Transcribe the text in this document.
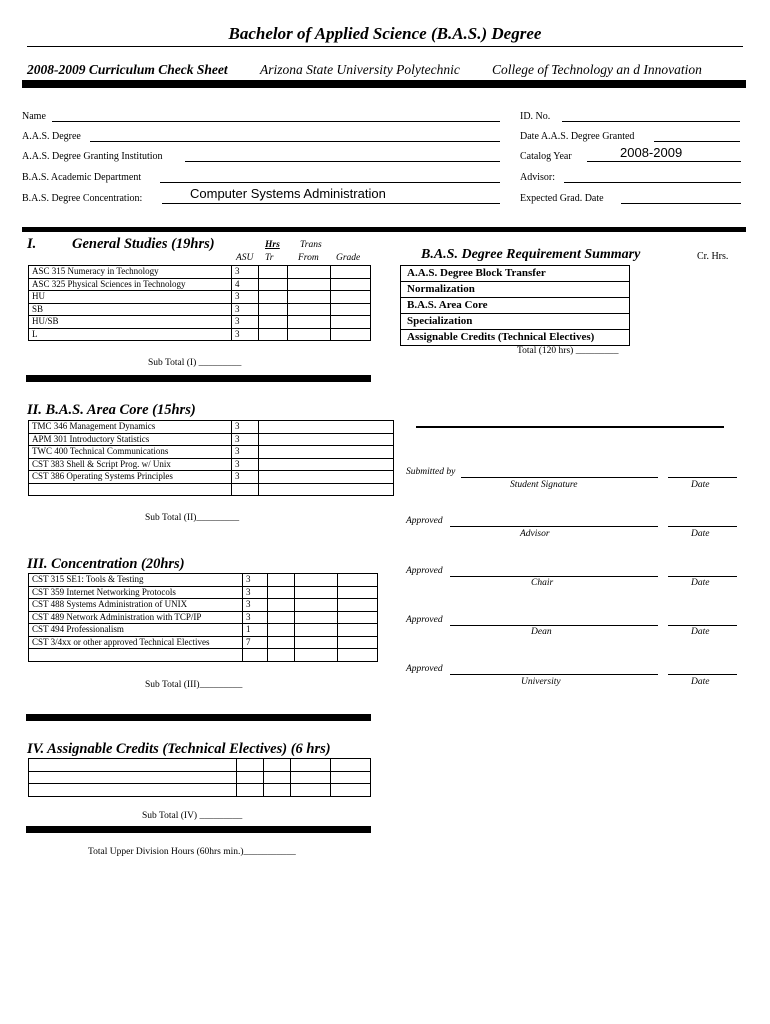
Bachelor of Applied Science (B.A.S.) Degree
2008-2009 Curriculum Check Sheet Arizona State University Polytechnic College of Technology an d Innovation
Name
A.A.S. Degree
A.A.S. Degree Granting Institution
B.A.S. Academic Department
B.A.S. Degree Concentration:	Computer Systems Administration
ID. No.
Date A.A.S. Degree Granted
Catalog Year	2008-2009
Advisor:
Expected Grad. Date
I. General Studies (19hrs)	Hrs Trans
ASU Tr	From Grade
ASC 315 Numeracy in Technology	3			
ASC 325 Physical Sciences in Technology	4			
HU	3			
SB	3			
HU/SB	3			
L	3			
Sub Total (I) _________
II. B.A.S. Area Core (15hrs)
TMC 346 Management Dynamics	3	
APM 301 Introductory Statistics	3	
TWC 400 Technical Communications	3	
CST 383 Shell & Script Prog. w/ Unix	3	
CST 386 Operating Systems Principles	3	

Sub Total (II)_________
III. Concentration (20hrs)
CST 315 SE1: Tools & Testing	3			
CST 359 Internet Networking Protocols	3			
CST 488 Systems Administration of UNIX	3			
CST 489 Network Administration with TCP/IP	3			
CST 494 Professionalism	1			
CST 3/4xx or other approved Technical Electives	7			

Sub Total (III)_________
IV. Assignable Credits (Technical Electives) (6 hrs)

Sub Total (IV) _________
Total Upper Division Hours (60hrs min.)___________
B.A.S. Degree Requirement Summary	Cr. Hrs.
A.A.S. Degree Block Transfer
Normalization
B.A.S. Area Core
Specialization
Assignable Credits (Technical Electives)
Total (120 hrs) _________
Submitted by
Student Signature	Date
Approved
Advisor	Date
Approved
Chair	Date
Approved
Dean	Date
Approved
University	Date
